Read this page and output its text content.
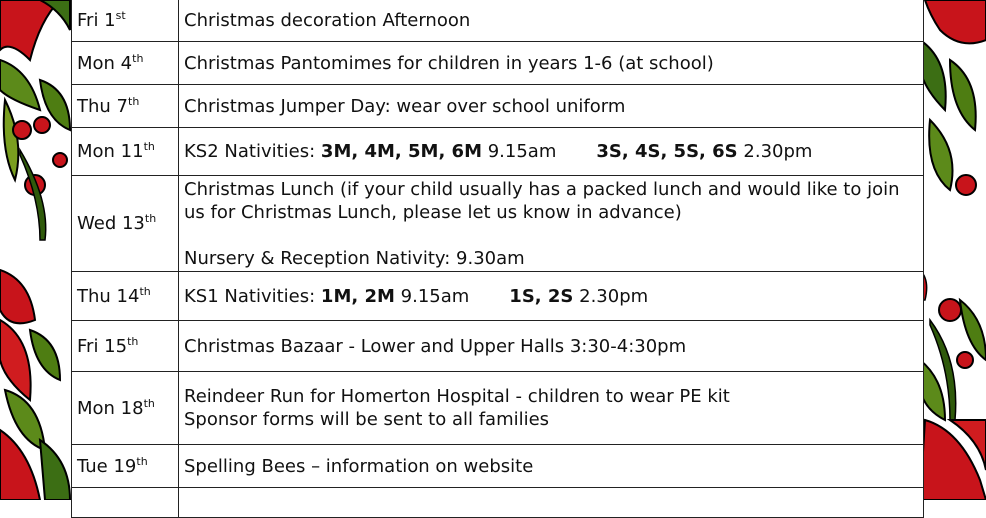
Fri 1st	Christmas decoration Afternoon
Mon 4th	Christmas Pantomimes for children in years 1-6 (at school)
Thu 7th	Christmas Jumper Day: wear over school uniform
Mon 11th	KS2 Nativities: 3M, 4M, 5M, 6M 9.15am 3S, 4S, 5S, 6S 2.30pm
Wed 13th	Christmas Lunch (if your child usually has a packed lunch and would like to join
us for Christmas Lunch, please let us know in advance)
Nursery & Reception Nativity: 9.30am

Thu 14th	KS1 Nativities: 1M, 2M 9.15am 1S, 2S 2.30pm
Fri 15th	Christmas Bazaar - Lower and Upper Halls 3:30-4:30pm
Mon 18th	Reindeer Run for Homerton Hospital - children to wear PE kit
Sponsor forms will be sent to all families

Tue 19th	Spelling Bees – information on website
